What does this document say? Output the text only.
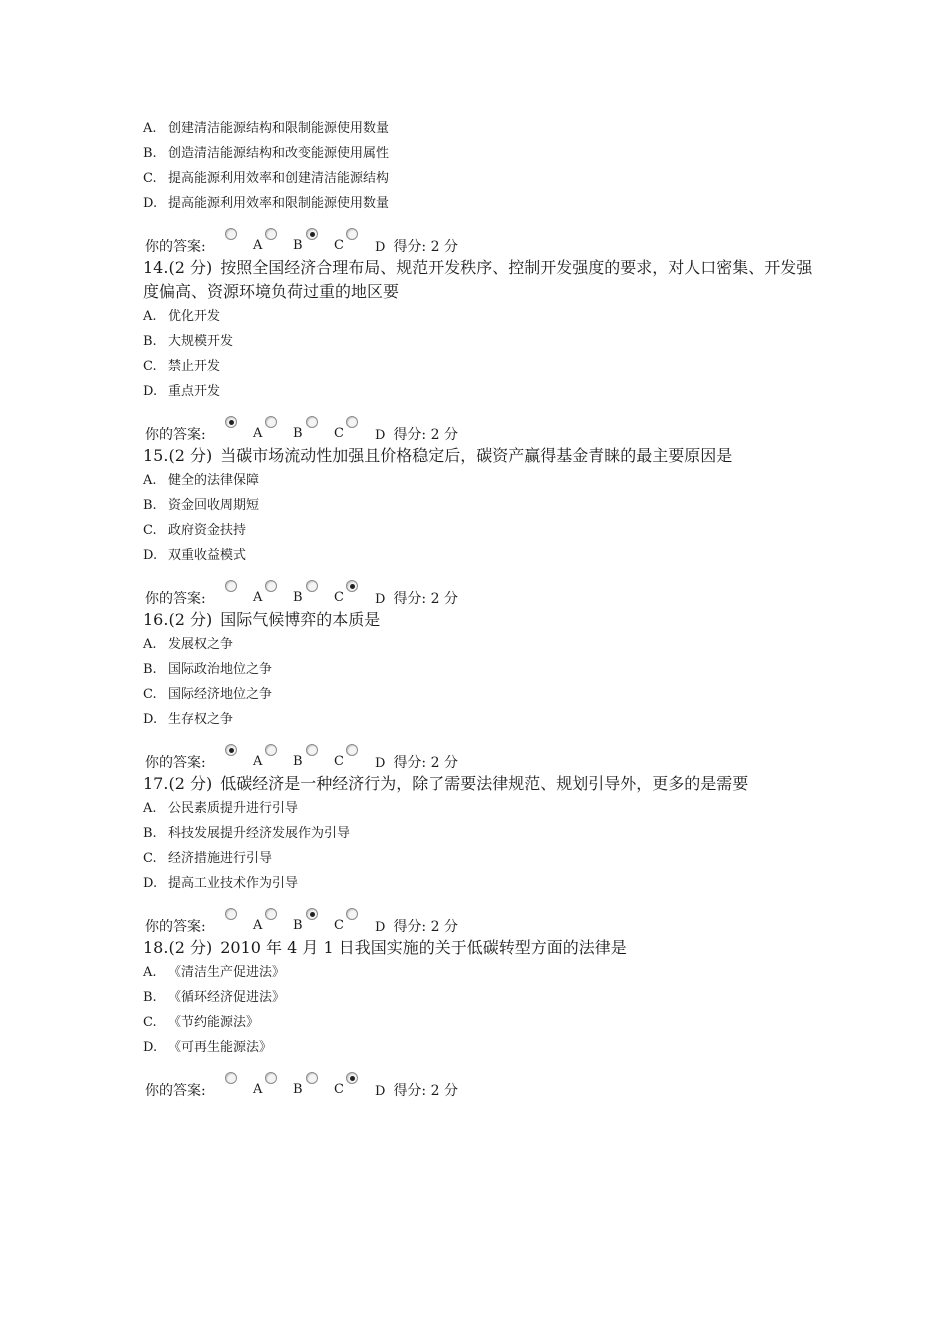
A. 创建清洁能源结构和限制能源使用数量
B. 创造清洁能源结构和改变能源使用属性
C. 提高能源利用效率和创建清洁能源结构
D. 提高能源利用效率和限制能源使用数量
你的答案:	A B C D 得分: 2 分

14.(2 分) 按照全国经济合理布局、规范开发秩序、控制开发强度的要求，对人口密集、开发强度偏高、资源环境负荷过重的地区要

A. 优化开发
B. 大规模开发
C. 禁止开发
D. 重点开发
你的答案:	A B C D 得分: 2 分

15.(2 分) 当碳市场流动性加强且价格稳定后，碳资产赢得基金青睐的最主要原因是

A. 健全的法律保障
B. 资金回收周期短
C. 政府资金扶持
D. 双重收益模式
你的答案:	A B C D 得分: 2 分

16.(2 分) 国际气候博弈的本质是

A. 发展权之争
B. 国际政治地位之争
C. 国际经济地位之争
D. 生存权之争
你的答案:	A B C D 得分: 2 分

17.(2 分) 低碳经济是一种经济行为，除了需要法律规范、规划引导外，更多的是需要

A. 公民素质提升进行引导
B. 科技发展提升经济发展作为引导
C. 经济措施进行引导
D. 提高工业技术作为引导
你的答案:	A B C D 得分: 2 分

18.(2 分) 2010 年 4 月 1 日我国实施的关于低碳转型方面的法律是

A. 《清洁生产促进法》
B. 《循环经济促进法》
C. 《节约能源法》
D. 《可再生能源法》
你的答案:	A B C D 得分: 2 分
